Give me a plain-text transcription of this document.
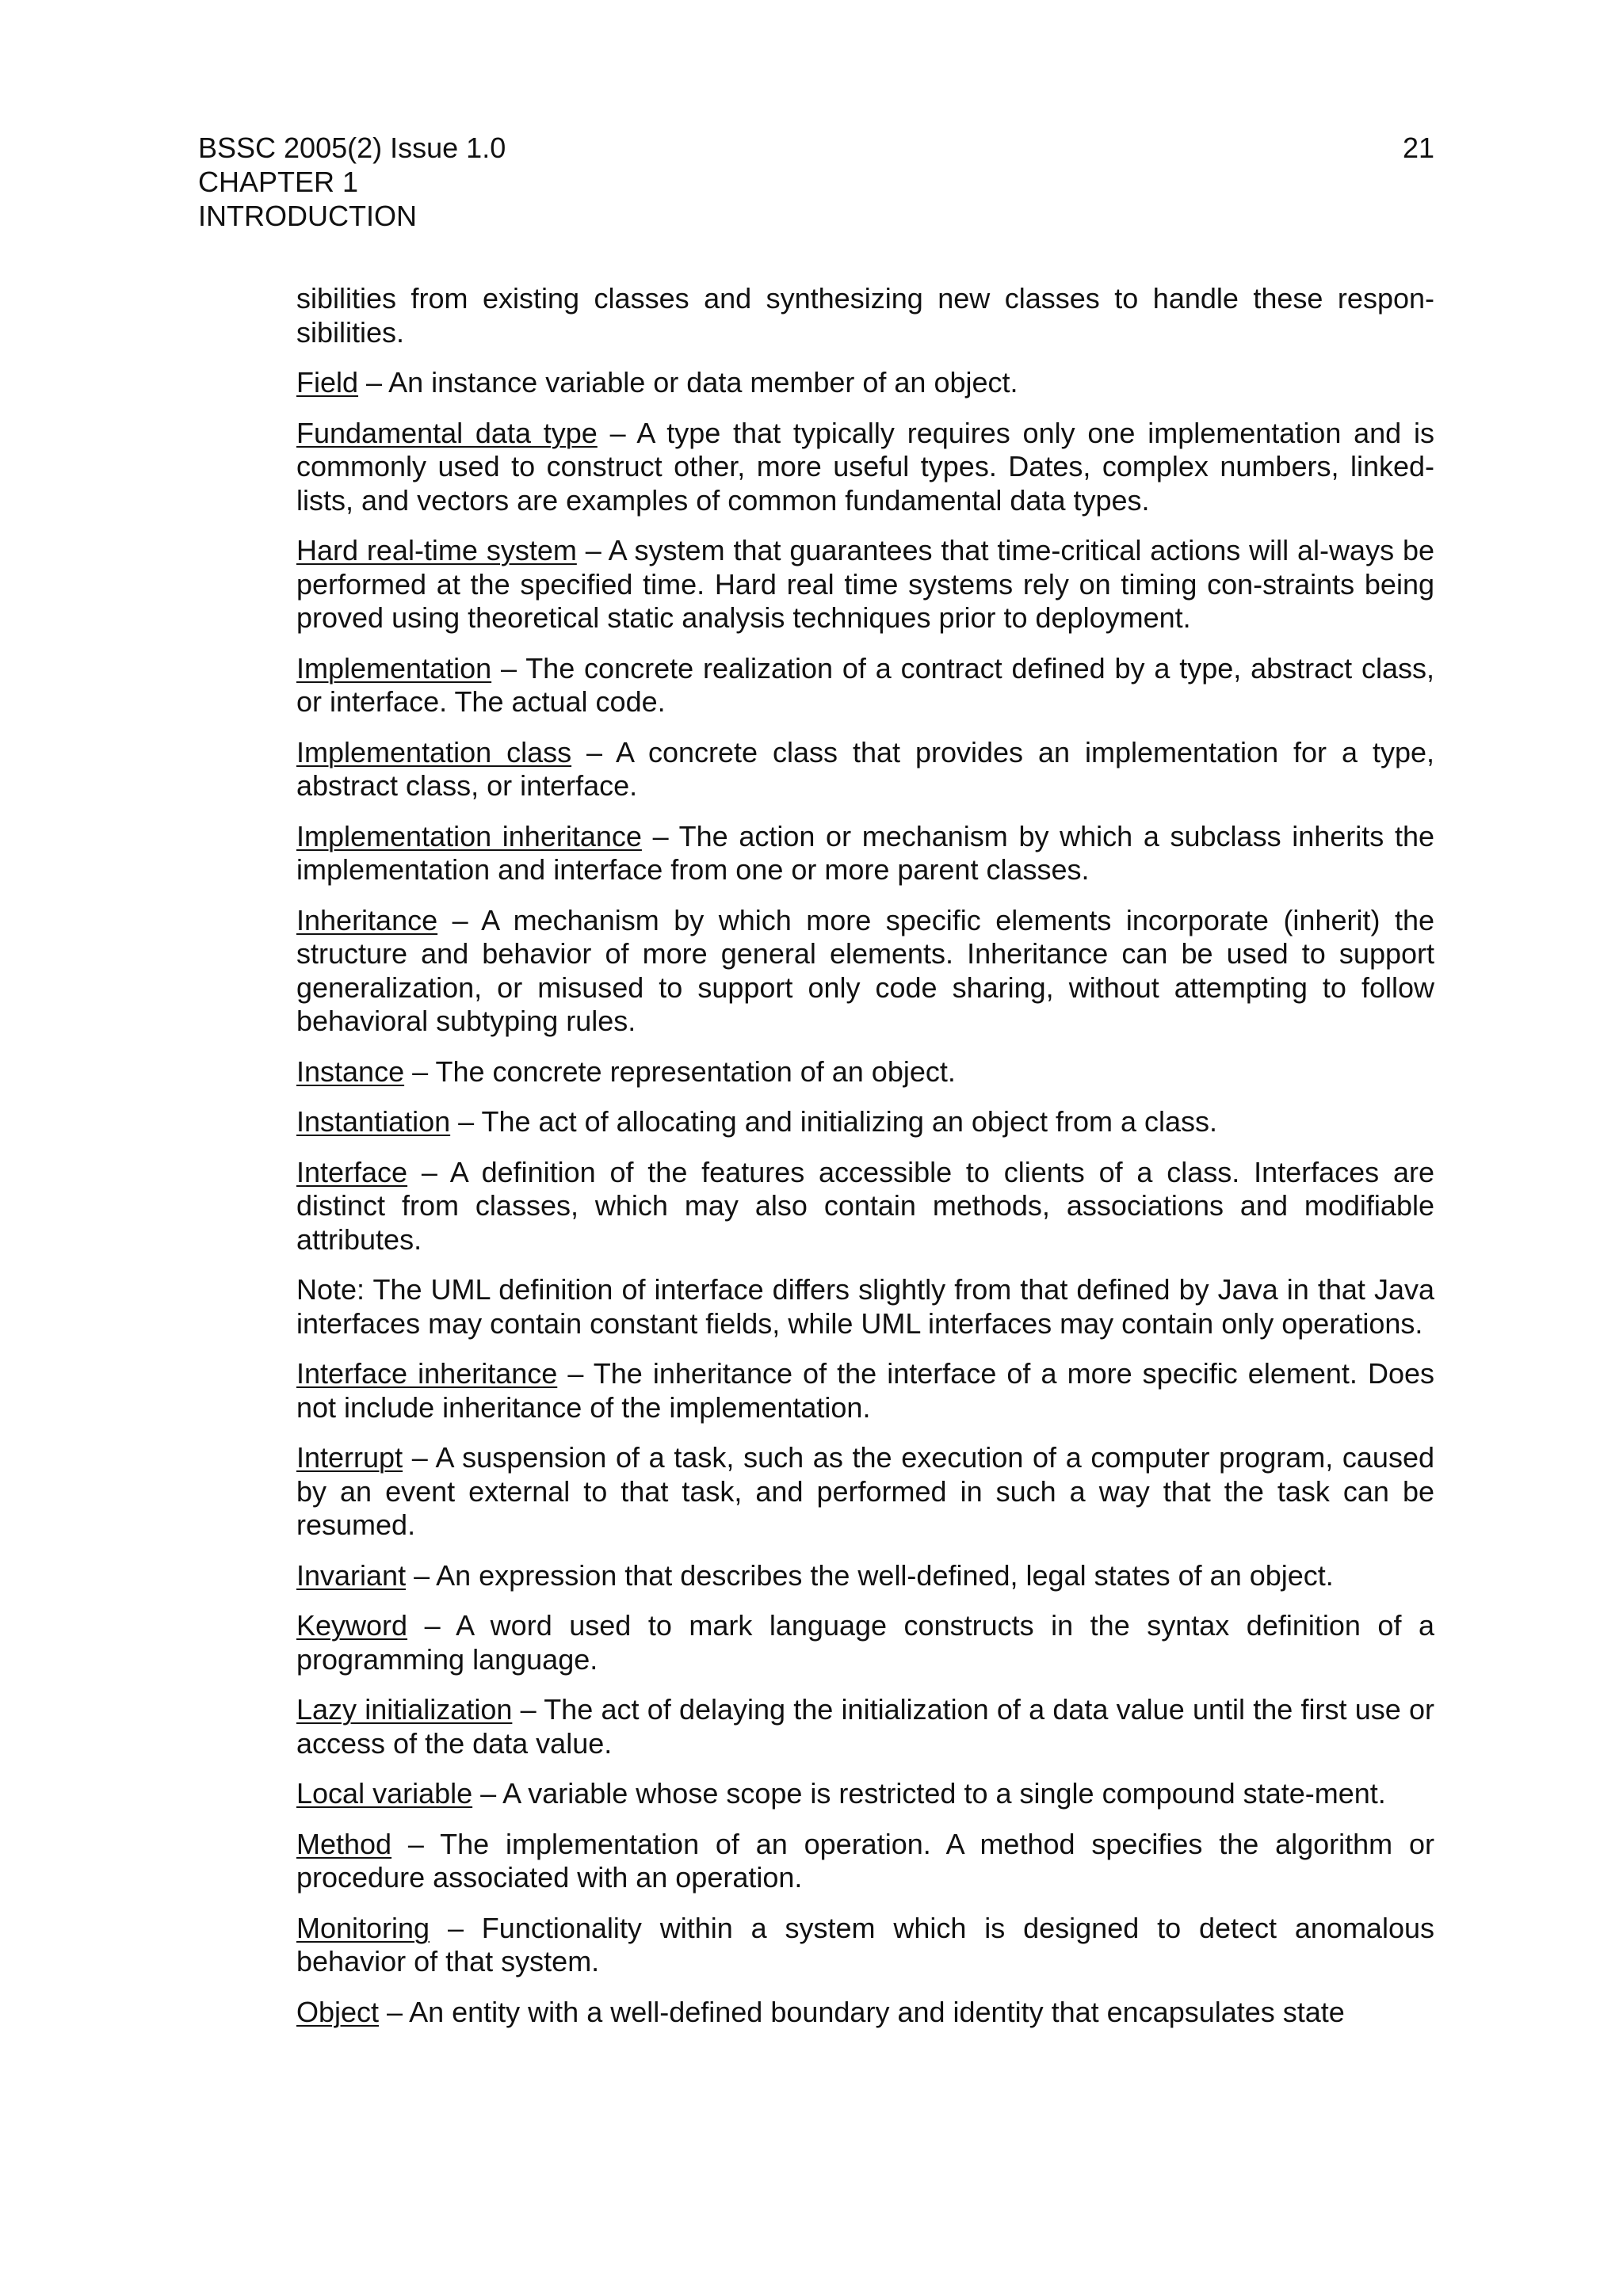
BSSC 2005(2) Issue 1.0
CHAPTER 1
INTRODUCTION
21

sibilities from existing classes and synthesizing new classes to handle these respon-sibilities.

Field – An instance variable or data member of an object.

Fundamental data type – A type that typically requires only one implementation and is commonly used to construct other, more useful types. Dates, complex numbers, linked-lists, and vectors are examples of common fundamental data types.

Hard real-time system – A system that guarantees that time-critical actions will al-ways be performed at the specified time. Hard real time systems rely on timing con-straints being proved using theoretical static analysis techniques prior to deployment.

Implementation – The concrete realization of a contract defined by a type, abstract class, or interface. The actual code.

Implementation class – A concrete class that provides an implementation for a type, abstract class, or interface.

Implementation inheritance – The action or mechanism by which a subclass inherits the implementation and interface from one or more parent classes.

Inheritance – A mechanism by which more specific elements incorporate (inherit) the structure and behavior of more general elements. Inheritance can be used to support generalization, or misused to support only code sharing, without attempting to follow behavioral subtyping rules.

Instance – The concrete representation of an object.

Instantiation – The act of allocating and initializing an object from a class.

Interface – A definition of the features accessible to clients of a class. Interfaces are distinct from classes, which may also contain methods, associations and modifiable attributes.

Note: The UML definition of interface differs slightly from that defined by Java in that Java interfaces may contain constant fields, while UML interfaces may contain only operations.

Interface inheritance – The inheritance of the interface of a more specific element. Does not include inheritance of the implementation.

Interrupt – A suspension of a task, such as the execution of a computer program, caused by an event external to that task, and performed in such a way that the task can be resumed.

Invariant – An expression that describes the well-defined, legal states of an object.

Keyword – A word used to mark language constructs in the syntax definition of a programming language.

Lazy initialization – The act of delaying the initialization of a data value until the first use or access of the data value.

Local variable – A variable whose scope is restricted to a single compound state-ment.

Method – The implementation of an operation. A method specifies the algorithm or procedure associated with an operation.

Monitoring – Functionality within a system which is designed to detect anomalous behavior of that system.

Object – An entity with a well-defined boundary and identity that encapsulates state
